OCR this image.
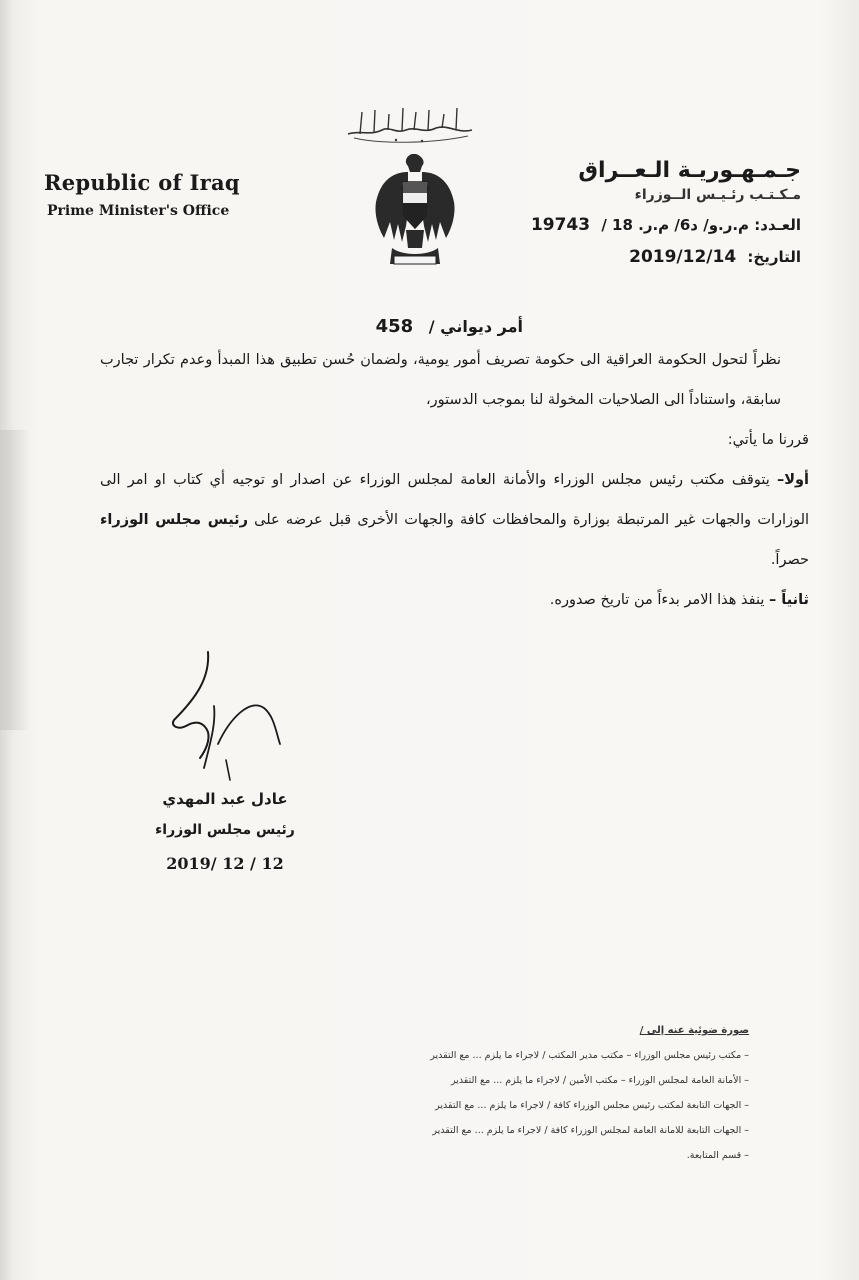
Republic of Iraq
Prime Minister's Office
جـمـهـوريـة الـعــراق
مـكـتـب رئـيـس الــوزراء
العـدد: م.ر.و/ د6/ م.ر. 18 / 19743
التاريخ: 2019/12/14
أمر ديواني / 458

نظراً لتحول الحكومة العراقية الى حكومة تصريف أمور يومية، ولضمان حُسن تطبيق هذا المبدأ وعدم تكرار تجارب سابقة، واستناداً الى الصلاحيات المخولة لنا بموجب الدستور،

قررنا ما يأتي:

أولا– يتوقف مكتب رئيس مجلس الوزراء والأمانة العامة لمجلس الوزراء عن اصدار او توجيه أي كتاب او امر الى الوزارات والجهات غير المرتبطة بوزارة والمحافظات كافة والجهات الأخرى قبل عرضه على رئيس مجلس الوزراء حصراً.

ثانياً – ينفذ هذا الامر بدءاً من تاريخ صدوره.

عادل عبد المهدي
رئيس مجلس الوزراء
2019/ 12 / 12
صورة ضوئية عنه إلى /
– مكتب رئيس مجلس الوزراء – مكتب مدير المكتب / لاجراء ما يلزم ... مع التقدير
– الأمانة العامة لمجلس الوزراء – مكتب الأمين / لاجراء ما يلزم ... مع التقدير
– الجهات التابعة لمكتب رئيس مجلس الوزراء كافة / لاجراء ما يلزم ... مع التقدير
– الجهات التابعة للامانة العامة لمجلس الوزراء كافة / لاجراء ما يلزم ... مع التقدير
– قسم المتابعة.
